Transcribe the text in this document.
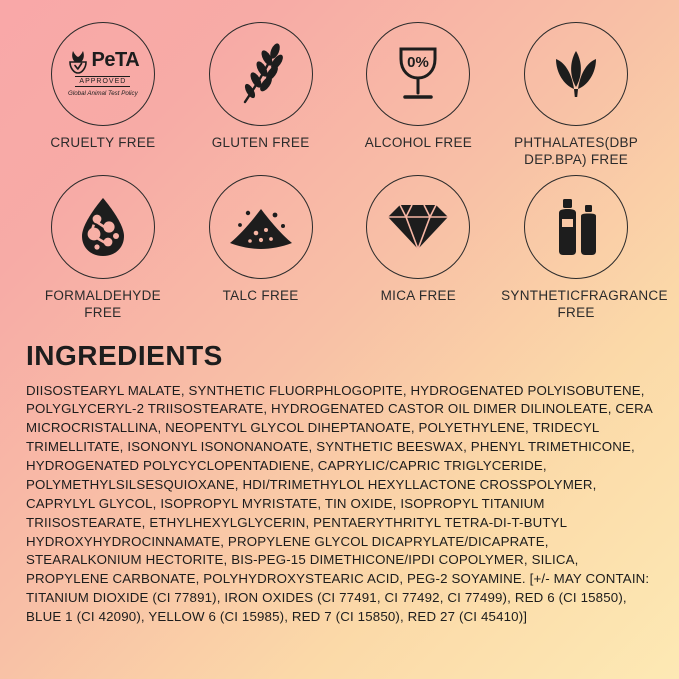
PeTA
APPROVED
Global Animal Test Policy
CRUELTY FREE	GLUTEN FREE
0%
ALCOHOL FREE	PHTHALATES(DBP DEP.BPA) FREE
FORMALDEHYDE FREE
TALC FREE	MICA FREE	SYNTHETICFRAGRANCE FREE
INGREDIENTS
DIISOSTEARYL MALATE, SYNTHETIC FLUORPHLOGOPITE, HYDROGENATED POLYISOBUTENE, POLYGLYCERYL-2 TRIISOSTEARATE, HYDROGENATED CASTOR OIL DIMER DILINOLEATE, CERA MICROCRISTALLINA, NEOPENTYL GLYCOL DIHEPTANOATE, POLYETHYLENE, TRIDECYL TRIMELLITATE, ISONONYL ISONONANOATE, SYNTHETIC BEESWAX, PHENYL TRIMETHICONE, HYDROGENATED POLYCYCLOPENTADIENE, CAPRYLIC/CAPRIC TRIGLYCERIDE, POLYMETHYLSILSESQUIOXANE, HDI/TRIMETHYLOL HEXYLLACTONE CROSSPOLYMER, CAPRYLYL GLYCOL, ISOPROPYL MYRISTATE, TIN OXIDE, ISOPROPYL TITANIUM TRIISOSTEARATE, ETHYLHEXYLGLYCERIN, PENTAERYTHRITYL TETRA-DI-T-BUTYL HYDROXYHYDROCINNAMATE, PROPYLENE GLYCOL DICAPRYLATE/DICAPRATE, STEARALKONIUM HECTORITE, BIS-PEG-15 DIMETHICONE/IPDI COPOLYMER, SILICA, PROPYLENE CARBONATE, POLYHYDROXYSTEARIC ACID, PEG-2 SOYAMINE. [+/- MAY CONTAIN: TITANIUM DIOXIDE (CI 77891), IRON OXIDES (CI 77491, CI 77492, CI 77499), RED 6 (CI 15850), BLUE 1 (CI 42090), YELLOW 6 (CI 15985), RED 7 (CI 15850), RED 27 (CI 45410)]
